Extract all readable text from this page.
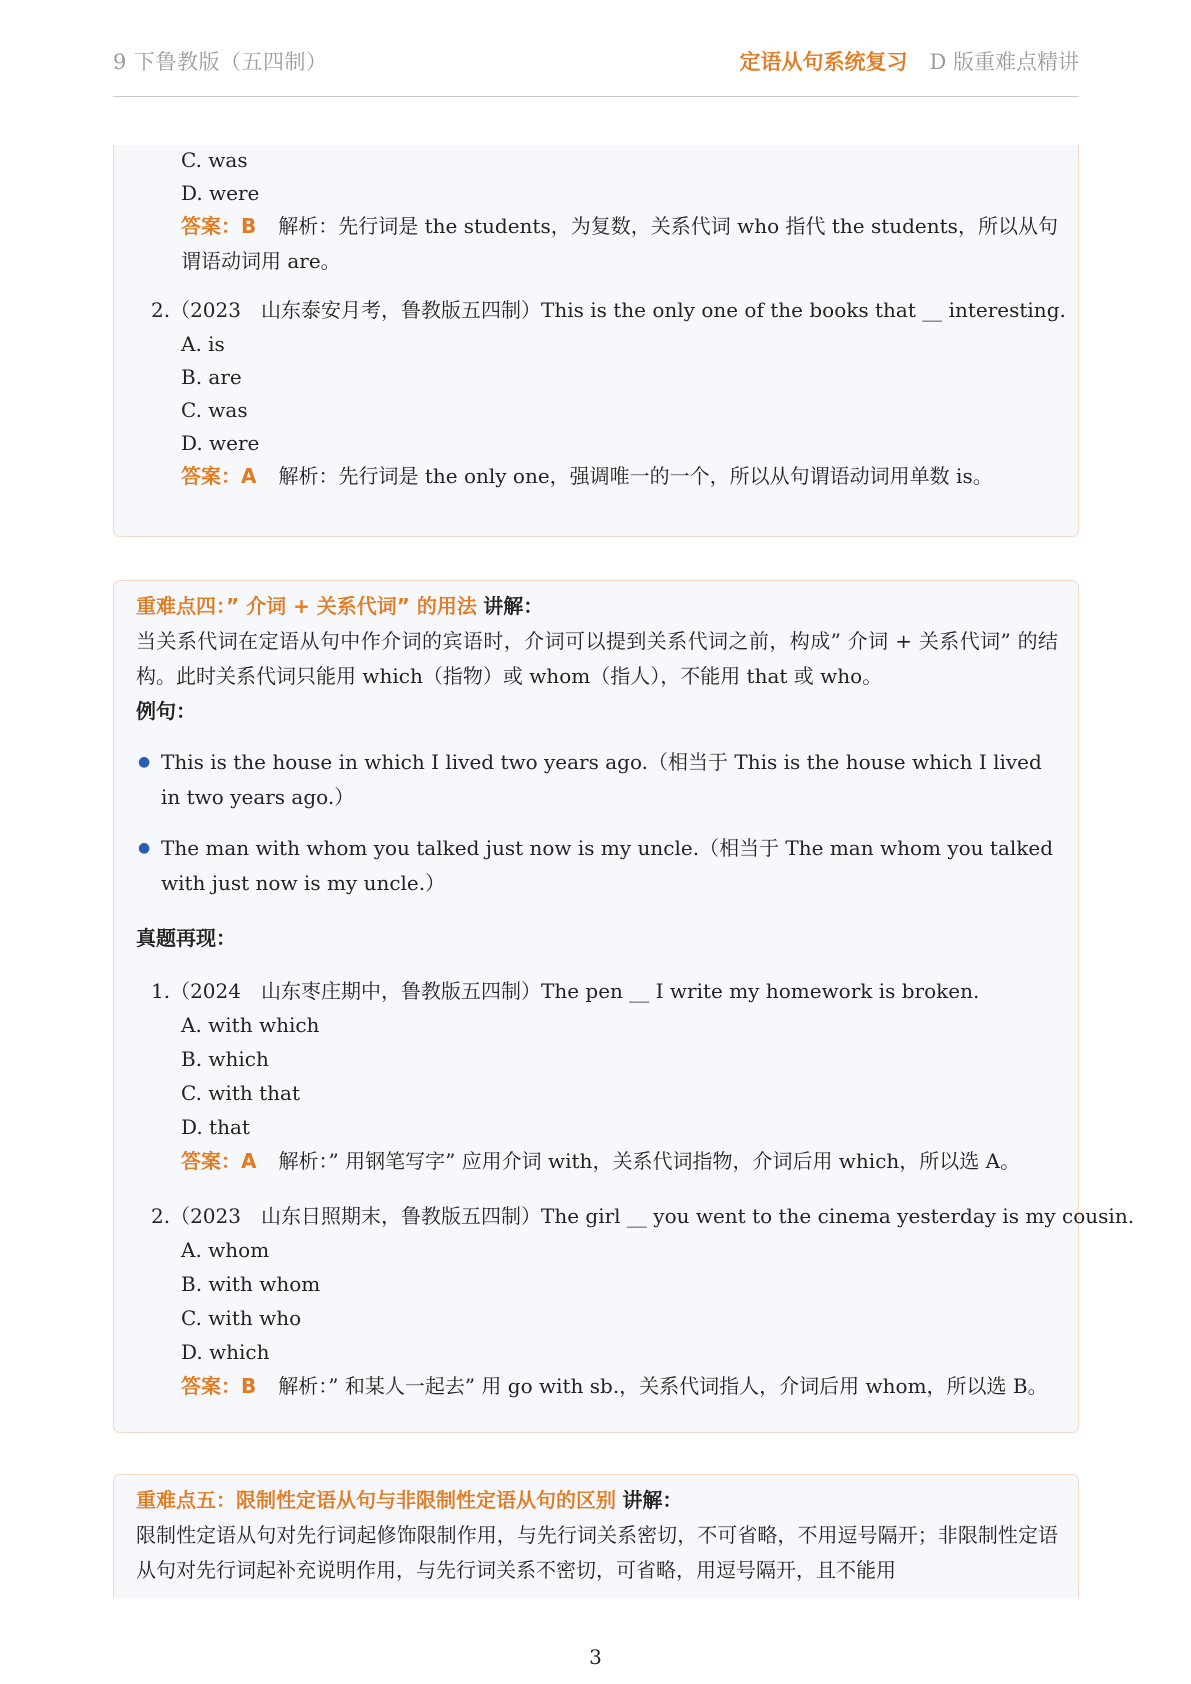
9 下鲁教版（五四制）	定语从句系统复习 D 版重难点精讲
C. was
D. were
答案：B 解析：先行词是 the students，为复数，关系代词 who 指代 the students，所以从句谓语动词用 are。
2.（2023　山东泰安月考，鲁教版五四制）This is the only one of the books that __ interesting.
A. is
B. are
C. was
D. were
答案：A 解析：先行词是 the only one，强调唯一的一个，所以从句谓语动词用单数 is。
重难点四：” 介词 + 关系代词” 的用法 讲解：
当关系代词在定语从句中作介词的宾语时，介词可以提到关系代词之前，构成” 介词 + 关系代词” 的结构。此时关系代词只能用 which（指物）或 whom（指人），不能用 that 或 who。
例句：
● This is the house in which I lived two years ago.（相当于 This is the house which I lived in two years ago.）
● The man with whom you talked just now is my uncle.（相当于 The man whom you talked with just now is my uncle.）
真题再现：
1.（2024　山东枣庄期中，鲁教版五四制）The pen __ I write my homework is broken.
A. with which
B. which
C. with that
D. that
答案：A 解析：” 用钢笔写字” 应用介词 with，关系代词指物，介词后用 which，所以选 A。
2.（2023　山东日照期末，鲁教版五四制）The girl __ you went to the cinema yesterday is my cousin.
A. whom
B. with whom
C. with who
D. which
答案：B 解析：” 和某人一起去” 用 go with sb.，关系代词指人，介词后用 whom，所以选 B。
重难点五：限制性定语从句与非限制性定语从句的区别 讲解：
限制性定语从句对先行词起修饰限制作用，与先行词关系密切，不可省略，不用逗号隔开；非限制性定语从句对先行词起补充说明作用，与先行词关系不密切，可省略，用逗号隔开，且不能用
3
